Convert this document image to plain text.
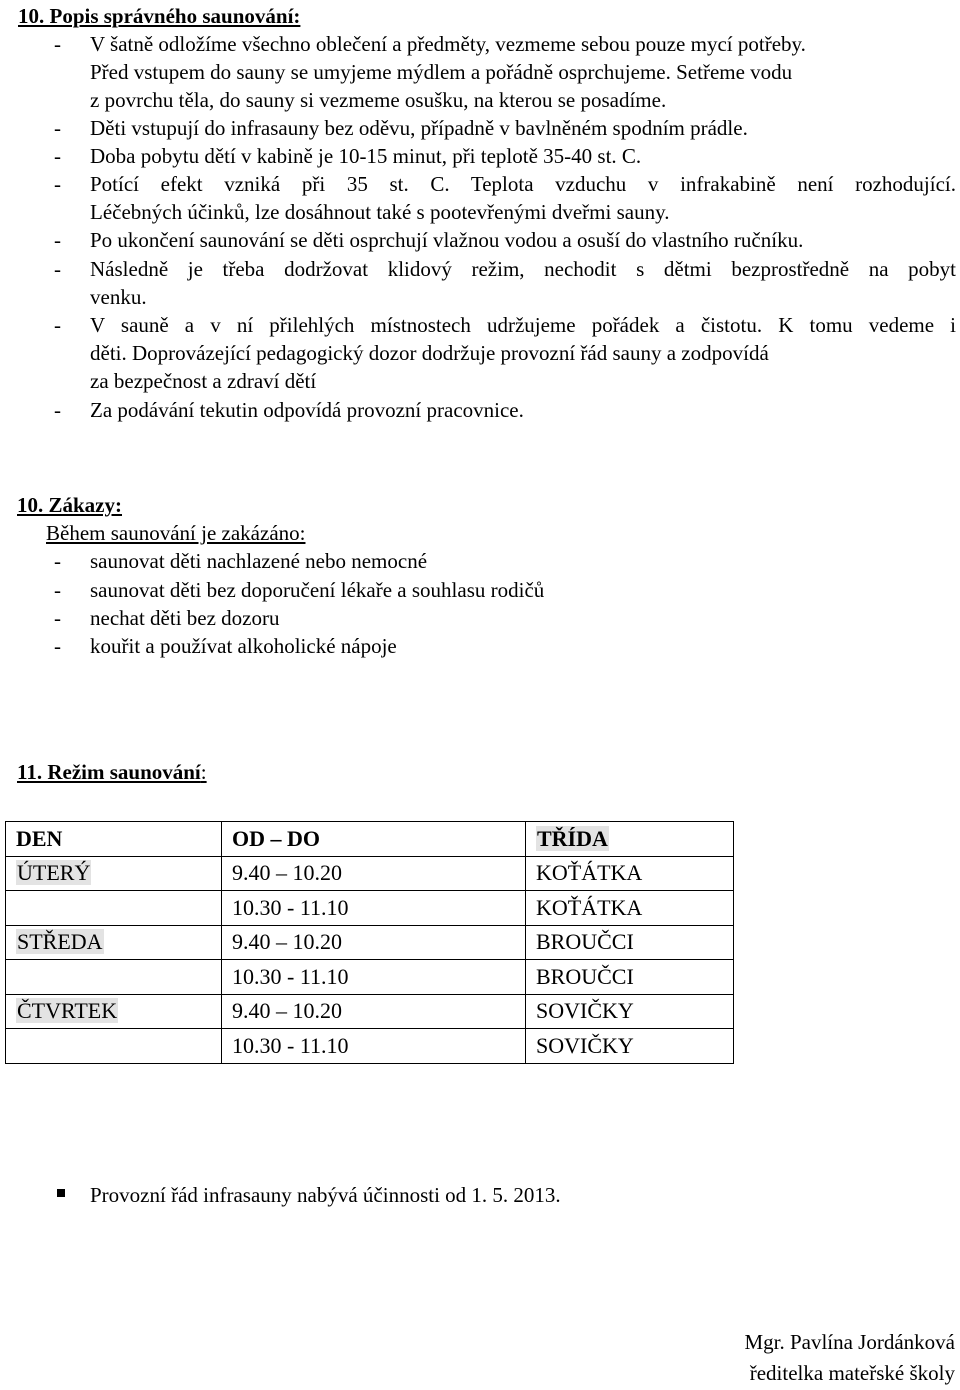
10. Popis správného saunování:
- V šatně odložíme všechno oblečení a předměty, vezmeme sebou pouze mycí potřeby.
Před vstupem do sauny se umyjeme mýdlem a pořádně osprchujeme. Setřeme vodu
z povrchu těla, do sauny si vezmeme osušku, na kterou se posadíme.
- Děti vstupují do infrasauny bez oděvu, případně v bavlněném spodním prádle.
- Doba pobytu dětí v kabině je 10-15 minut, při teplotě 35-40 st. C.
- Potící efekt vzniká při 35 st. C. Teplota vzduchu v infrakabině není rozhodující.
Léčebných účinků, lze dosáhnout také s pootevřenými dveřmi sauny.
- Po ukončení saunování se děti osprchují vlažnou vodou a osuší do vlastního ručníku.
- Následně je třeba dodržovat klidový režim, nechodit s dětmi bezprostředně na pobyt
venku.
- V sauně a v ní přilehlých místnostech udržujeme pořádek a čistotu. K tomu vedeme i
děti. Doprovázející pedagogický dozor dodržuje provozní řád sauny a zodpovídá
za bezpečnost a zdraví dětí
- Za podávání tekutin odpovídá provozní pracovnice.
10. Zákazy:
Během saunování je zakázáno:
- saunovat děti nachlazené nebo nemocné
- saunovat děti bez doporučení lékaře a souhlasu rodičů
- nechat děti bez dozoru
- kouřit a používat alkoholické nápoje
11. Režim saunování:
DEN	OD – DO	TŘÍDA
ÚTERÝ	9.40 – 10.20	KOŤÁTKA
	10.30 - 11.10	KOŤÁTKA
STŘEDA	9.40 – 10.20	BROUČCI
	10.30 - 11.10	BROUČCI
ČTVRTEK	9.40 – 10.20	SOVIČKY
	10.30 - 11.10	SOVIČKY
Provozní řád infrasauny nabývá účinnosti od 1. 5. 2013.
Mgr. Pavlína Jordánková
ředitelka mateřské školy
